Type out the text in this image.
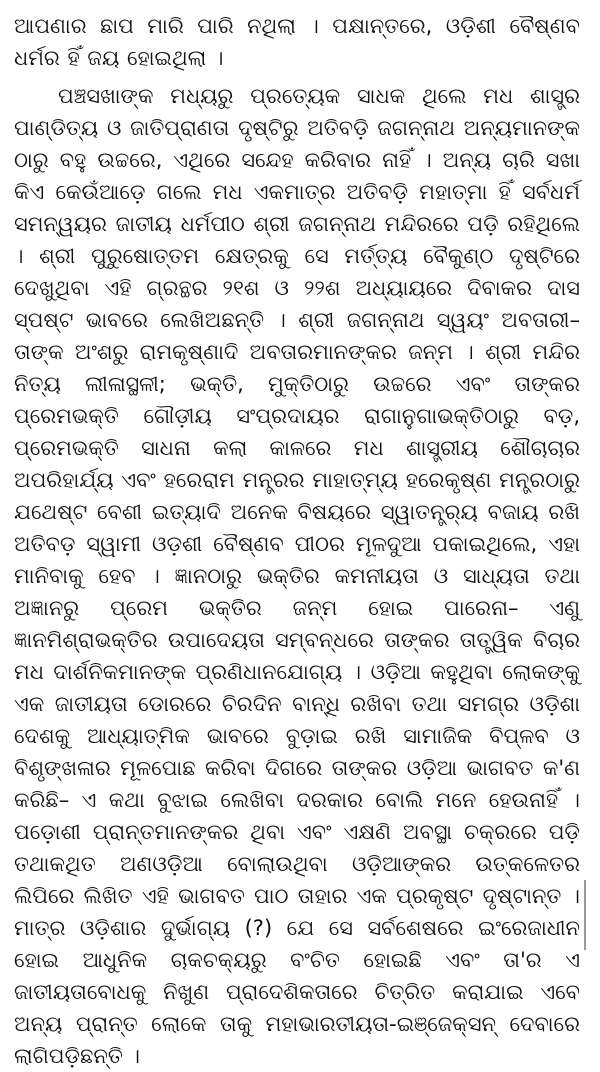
ଆପଣାର ଛାପ ମାରି ପାରି ନଥିଲା । ପକ୍ଷାନ୍ତରେ, ଓଡ଼ିଶୀ ବୈଷ୍ଣବ ଧର୍ମର ହିଁ ଜୟ ହୋଇଥିଲା ।

ପଞ୍ଚସଖାଙ୍କ ମଧ୍ୟରୁ ପ୍ରତ୍ୟେକ ସାଧକ ଥିଲେ ମଧ ଶାସ୍ତ୍ର ପାଣ୍ଡିତ୍ୟ ଓ ଜାତିପ୍ରାଣତା ଦୃଷ୍ଟିରୁ ଅତିବଡ଼ି ଜଗନ୍ନାଥ ଅନ୍ୟମାନଙ୍କ ଠାରୁ ବହୁ ଉଚ୍ଚରେ, ଏଥିରେ ସନ୍ଦେହ କରିବାର ନାହିଁ । ଅନ୍ୟ ଚାରି ସଖା କିଏ କେଉଁଆଡ଼େ ଗଲେ ମଧ ଏକମାତ୍ର ଅତିବଡ଼ି ମହାତ୍ମା ହିଁ ସର୍ବଧର୍ମ ସମନ୍ୱୟର ଜାତୀୟ ଧର୍ମପୀଠ ଶ୍ରୀ ଜଗନ୍ନାଥ ମନ୍ଦିରରେ ପଡ଼ି ରହିଥିଲେ । ଶ୍ରୀ ପୁରୁଷୋତ୍ତମ କ୍ଷେତ୍ରକୁ ସେ ମର୍ତ୍ତ୍ୟ ବୈକୁଣ୍ଠ ଦୃଷ୍ଟିରେ ଦେଖୁଥିବା ଏହି ଗ୍ରନ୍ଥର ୨୧ଶ ଓ ୨୨ଶ ଅଧ୍ୟାୟରେ ଦିବାକର ଦାସ ସ୍ପଷ୍ଟ ଭାବରେ ଲେଖିଅଛନ୍ତି । ଶ୍ରୀ ଜଗନ୍ନାଥ ସ୍ୱୟଂ ଅବତାରୀ– ତାଙ୍କ ଅଂଶରୁ ରାମକୃଷ୍ଣାଦି ଅବତାରମାନଙ୍କର ଜନ୍ମ । ଶ୍ରୀ ମନ୍ଦିର ନିତ୍ୟ ଲୀଳାସ୍ଥଳୀ; ଭକ୍ତି, ମୁକ୍ତିଠାରୁ ଉଚ୍ଚରେ ଏବଂ ତାଙ୍କର ପ୍ରେମଭକ୍ତି ଗୌଡ଼ୀୟ ସଂପ୍ରଦାୟର ରାଗାନୁଗାଭକ୍ତିଠାରୁ ବଡ଼, ପ୍ରେମଭକ୍ତି ସାଧନା କଲା କାଳରେ ମଧ ଶାସ୍ତ୍ରୀୟ ଶୌଚାଚାର ଅପରିହାର୍ଯ୍ୟ ଏବଂ ହରେରାମ ମନ୍ତ୍ରର ମାହାତ୍ମ୍ୟ ହରେକୃଷ୍ଣ ମନ୍ତ୍ରଠାରୁ ଯଥେଷ୍ଟ ବେଶୀ ଇତ୍ୟାଦି ଅନେକ ବିଷୟରେ ସ୍ୱାତନ୍ତ୍ର୍ୟ ବଜାୟ ରଖି ଅତିବଡ଼ ସ୍ୱାମୀ ଓଡ଼ଶୀ ବୈଷ୍ଣବ ପୀଠର ମୂଳଦୁଆ ପକାଇଥିଲେ, ଏହା ମାନିବାକୁ ହେବ । ଜ୍ଞାନଠାରୁ ଭକ୍ତିର କମନୀୟତା ଓ ସାଧ୍ୟତା ତଥା ଅଜ୍ଞାନରୁ ପ୍ରେମ ଭକ୍ତିର ଜନ୍ମ ହୋଇ ପାରେନା– ଏଣୁ ଜ୍ଞାନମିଶ୍ରାଭକ୍ତିର ଉପାଦେୟତା ସମ୍ବନ୍ଧରେ ତାଙ୍କର ତାତ୍ତ୍ୱିକ ବିଚାର ମଧ ଦାର୍ଶନିକମାନଙ୍କ ପ୍ରଣିଧାନଯୋଗ୍ୟ । ଓଡ଼ିଆ କହୁଥିବା ଲୋକଙ୍କୁ ଏକ ଜାତୀୟତା ଡୋରରେ ଚିରଦିନ ବାନ୍ଧି ରଖିବା ତଥା ସମଗ୍ର ଓଡ଼ିଶା ଦେଶକୁ ଆଧ୍ୟାତ୍ମିକ ଭାବରେ ବୁଡ଼ାଇ ରଖି ସାମାଜିକ ବିପ୍ଳବ ଓ ବିଶୃଙ୍ଖଳାର ମୂଳପୋଛ କରିବା ଦିଗରେ ତାଙ୍କର ଓଡ଼ିଆ ଭାଗବତ କ'ଣ କରିଛି– ଏ କଥା ବୁଝାଇ ଲେଖିବା ଦରକାର ବୋଲି ମନେ ହେଉନାହିଁ । ପଡ଼ୋଶୀ ପ୍ରାନ୍ତମାନଙ୍କର ଥିବା ଏବଂ ଏକ୍ଷଣି ଅବସ୍ଥା ଚକ୍ରରେ ପଡ଼ି ତଥାକଥିତ ଅଣଓଡ଼ିଆ ବୋଲାଉଥିବା ଓଡ଼ିଆଙ୍କର ଉତ୍କଳେତର ଲିପିରେ ଲିଖିତ ଏହି ଭାଗବତ ପାଠ ତାହାର ଏକ ପ୍ରକୃଷ୍ଟ ଦୃଷ୍ଟାନ୍ତ । ମାତ୍ର ଓଡ଼ିଶାର ଦୁର୍ଭାଗ୍ୟ (?) ଯେ ସେ ସର୍ବଶେଷରେ ଇଂରେଜାଧୀନ ହୋଇ ଆଧୁନିକ ଚାକଚକ୍ୟରୁ ବଂଚିତ ହୋଇଛି ଏବଂ ତା'ର ଏ ଜାତୀୟତାବୋଧକୁ ନିଖୁଣ ପ୍ରାଦେଶିକତାରେ ଚିତ୍ରିତ କରାଯାଇ ଏବେ ଅନ୍ୟ ପ୍ରାନ୍ତ ଲୋକେ ତାକୁ ମହାଭାରତୀୟତା-ଇଞ୍ଜେକ୍ସନ୍ ଦେବାରେ ଲାଗିପଡ଼ିଛନ୍ତି ।
